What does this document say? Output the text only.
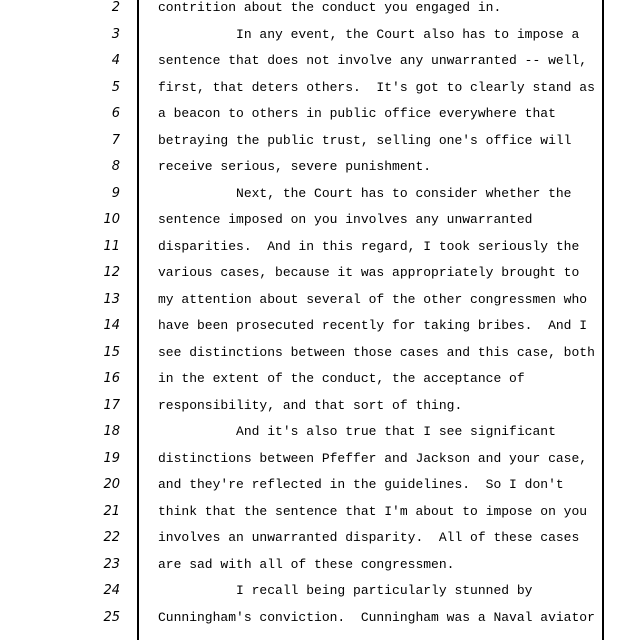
2	contrition about the conduct you engaged in.
3	In any event, the Court also has to impose a
4	sentence that does not involve any unwarranted -- well,
5	first, that deters others.  It's got to clearly stand as
6	a beacon to others in public office everywhere that
7	betraying the public trust, selling one's office will
8	receive serious, severe punishment.
9	Next, the Court has to consider whether the
10	sentence imposed on you involves any unwarranted
11	disparities.  And in this regard, I took seriously the
12	various cases, because it was appropriately brought to
13	my attention about several of the other congressmen who
14	have been prosecuted recently for taking bribes.  And I
15	see distinctions between those cases and this case, both
16	in the extent of the conduct, the acceptance of
17	responsibility, and that sort of thing.
18	And it's also true that I see significant
19	distinctions between Pfeffer and Jackson and your case,
20	and they're reflected in the guidelines.  So I don't
21	think that the sentence that I'm about to impose on you
22	involves an unwarranted disparity.  All of these cases
23	are sad with all of these congressmen.
24	I recall being particularly stunned by
25	Cunningham's conviction.  Cunningham was a Naval aviator
